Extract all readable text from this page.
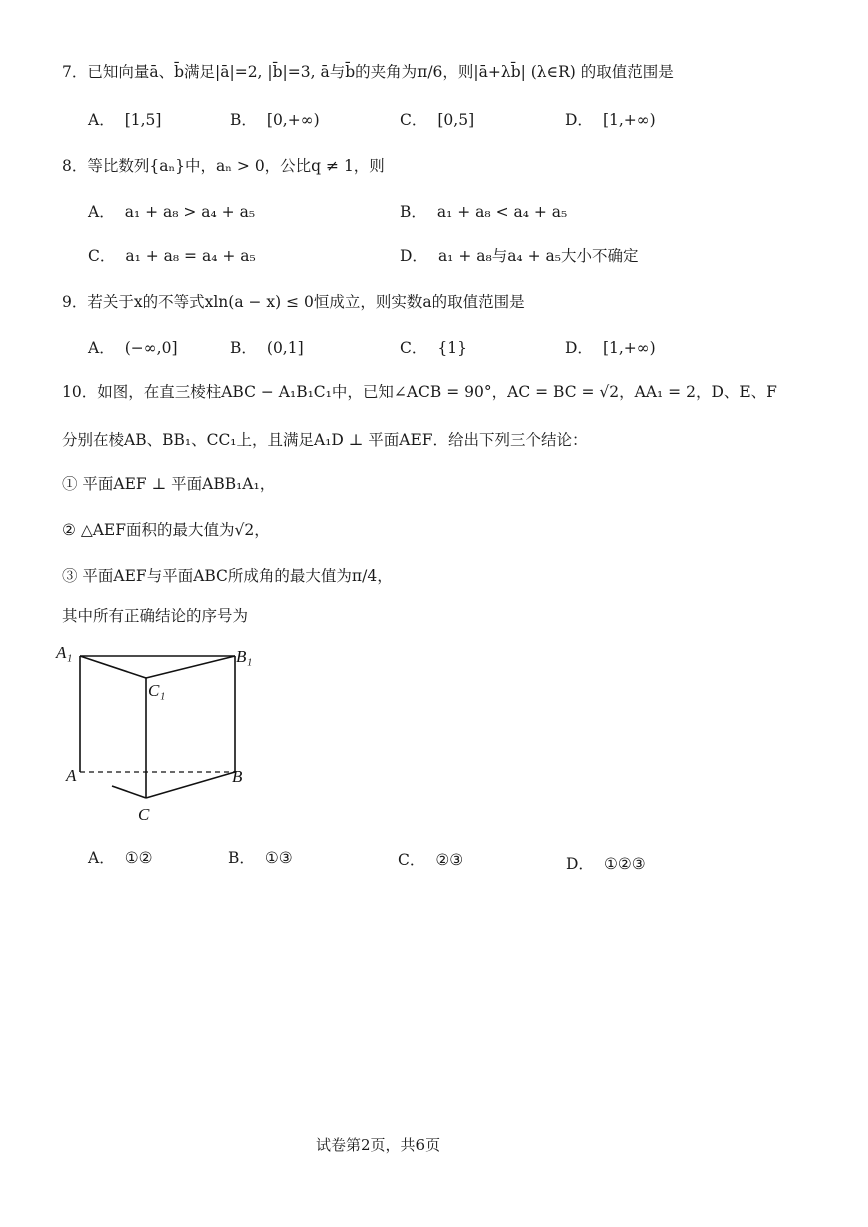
7．已知向量ā、b̄满足|ā|=2, |b̄|=3, ā与b̄的夹角为π/6，则|ā+λb̄| (λ∈R) 的取值范围是
A． [1,5]	B． [0,+∞)	C． [0,5]	D． [1,+∞)
8．等比数列{aₙ}中，aₙ > 0，公比q ≠ 1，则
A． a₁ + a₈ > a₄ + a₅	B． a₁ + a₈ < a₄ + a₅
C． a₁ + a₈ = a₄ + a₅	D． a₁ + a₈与a₄ + a₅大小不确定
9．若关于x的不等式xln(a − x) ≤ 0恒成立，则实数a的取值范围是
A． (−∞,0]	B． (0,1]	C． {1}	D． [1,+∞)
10．如图，在直三棱柱ABC − A₁B₁C₁中，已知∠ACB = 90°，AC = BC = √2，AA₁ = 2，D、E、F
分别在棱AB、BB₁、CC₁上，且满足A₁D ⊥ 平面AEF．给出下列三个结论：
① 平面AEF ⊥ 平面ABB₁A₁，
② △AEF面积的最大值为√2，
③ 平面AEF与平面ABC所成角的最大值为π/4，
其中所有正确结论的序号为
A₁	B₁
C₁
A	B
C
A． ①②	B． ①③	C． ②③	D． ①②③
试卷第2页，共6页
